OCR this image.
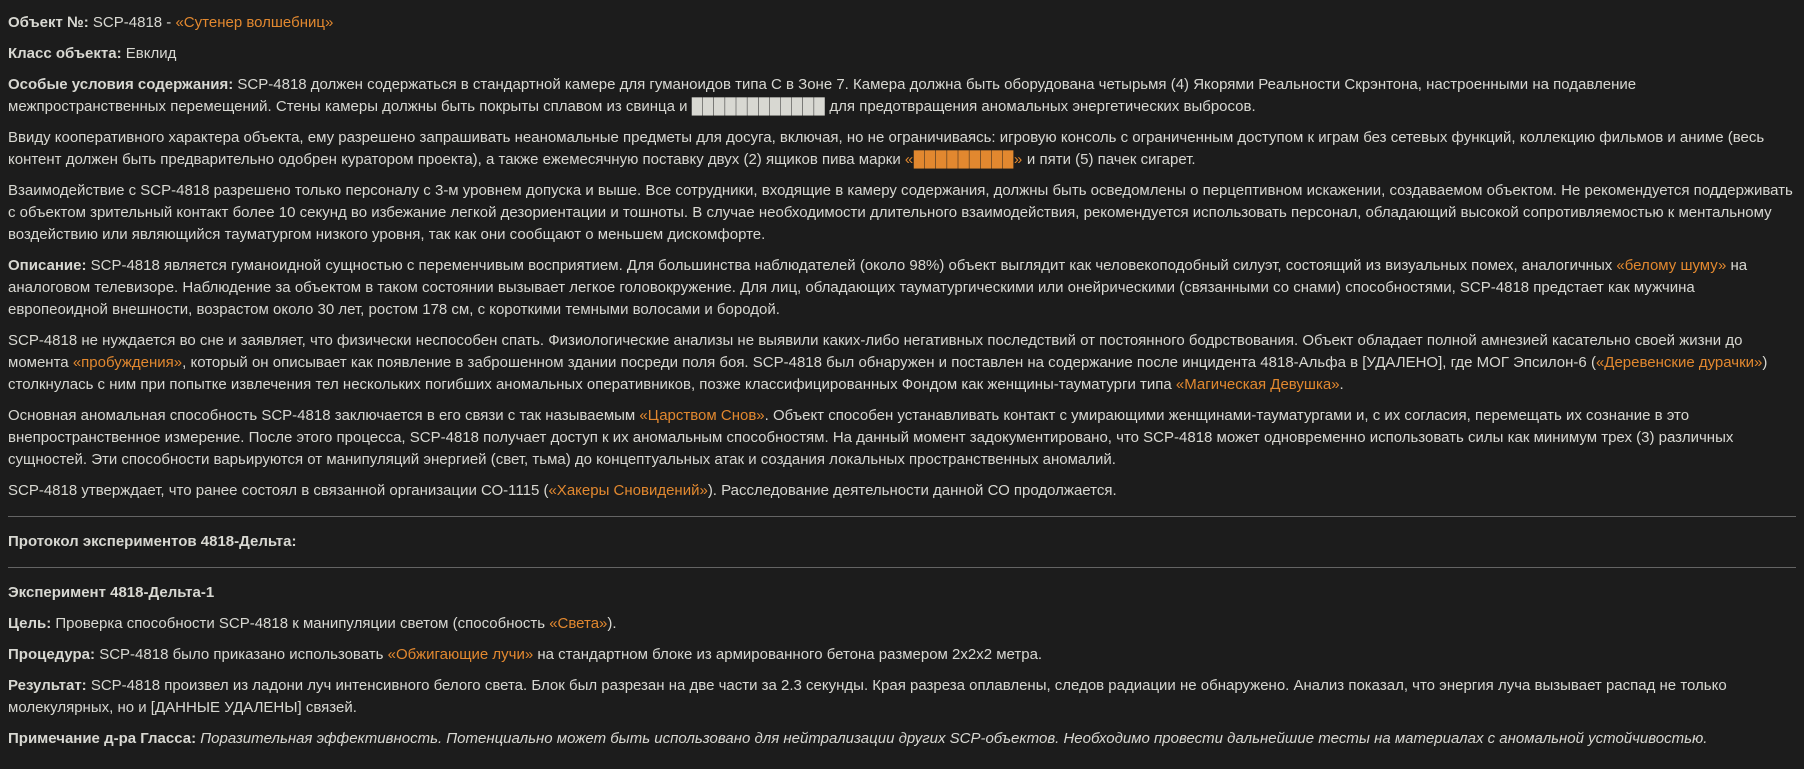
Объект №: SCP-4818 - «Сутенер волшебниц»

Класс объекта: Евклид

Особые условия содержания: SCP-4818 должен содержаться в стандартной камере для гуманоидов типа C в Зоне 7. Камера должна быть оборудована четырьмя (4) Якорями Реальности Скрэнтона, настроенными на подавление межпространственных перемещений. Стены камеры должны быть покрыты сплавом из свинца и ████████████ для предотвращения аномальных энергетических выбросов.

Ввиду кооперативного характера объекта, ему разрешено запрашивать неаномальные предметы для досуга, включая, но не ограничиваясь: игровую консоль с ограниченным доступом к играм без сетевых функций, коллекцию фильмов и аниме (весь контент должен быть предварительно одобрен куратором проекта), а также ежемесячную поставку двух (2) ящиков пива марки «█████████» и пяти (5) пачек сигарет.

Взаимодействие с SCP-4818 разрешено только персоналу с 3-м уровнем допуска и выше. Все сотрудники, входящие в камеру содержания, должны быть осведомлены о перцептивном искажении, создаваемом объектом. Не рекомендуется поддерживать с объектом зрительный контакт более 10 секунд во избежание легкой дезориентации и тошноты. В случае необходимости длительного взаимодействия, рекомендуется использовать персонал, обладающий высокой сопротивляемостью к ментальному воздействию или являющийся тауматургом низкого уровня, так как они сообщают о меньшем дискомфорте.

Описание: SCP-4818 является гуманоидной сущностью с переменчивым восприятием. Для большинства наблюдателей (около 98%) объект выглядит как человекоподобный силуэт, состоящий из визуальных помех, аналогичных «белому шуму» на аналоговом телевизоре. Наблюдение за объектом в таком состоянии вызывает легкое головокружение. Для лиц, обладающих тауматургическими или онейрическими (связанными со снами) способностями, SCP-4818 предстает как мужчина европеоидной внешности, возрастом около 30 лет, ростом 178 см, с короткими темными волосами и бородой.

SCP-4818 не нуждается во сне и заявляет, что физически неспособен спать. Физиологические анализы не выявили каких-либо негативных последствий от постоянного бодрствования. Объект обладает полной амнезией касательно своей жизни до момента «пробуждения», который он описывает как появление в заброшенном здании посреди поля боя. SCP-4818 был обнаружен и поставлен на содержание после инцидента 4818-Альфа в [УДАЛЕНО], где МОГ Эпсилон-6 («Деревенские дурачки») столкнулась с ним при попытке извлечения тел нескольких погибших аномальных оперативников, позже классифицированных Фондом как женщины-тауматурги типа «Магическая Девушка».

Основная аномальная способность SCP-4818 заключается в его связи с так называемым «Царством Снов». Объект способен устанавливать контакт с умирающими женщинами-тауматургами и, с их согласия, перемещать их сознание в это внепространственное измерение. После этого процесса, SCP-4818 получает доступ к их аномальным способностям. На данный момент задокументировано, что SCP-4818 может одновременно использовать силы как минимум трех (3) различных сущностей. Эти способности варьируются от манипуляций энергией (свет, тьма) до концептуальных атак и создания локальных пространственных аномалий.

SCP-4818 утверждает, что ранее состоял в связанной организации СО-1115 («Хакеры Сновидений»). Расследование деятельности данной СО продолжается.

Протокол экспериментов 4818-Дельта:

Эксперимент 4818-Дельта-1

Цель: Проверка способности SCP-4818 к манипуляции светом (способность «Света»).

Процедура: SCP-4818 было приказано использовать «Обжигающие лучи» на стандартном блоке из армированного бетона размером 2x2x2 метра.

Результат: SCP-4818 произвел из ладони луч интенсивного белого света. Блок был разрезан на две части за 2.3 секунды. Края разреза оплавлены, следов радиации не обнаружено. Анализ показал, что энергия луча вызывает распад не только молекулярных, но и [ДАННЫЕ УДАЛЕНЫ] связей.

Примечание д-ра Гласса: Поразительная эффективность. Потенциально может быть использовано для нейтрализации других SCP-объектов. Необходимо провести дальнейшие тесты на материалах с аномальной устойчивостью.
